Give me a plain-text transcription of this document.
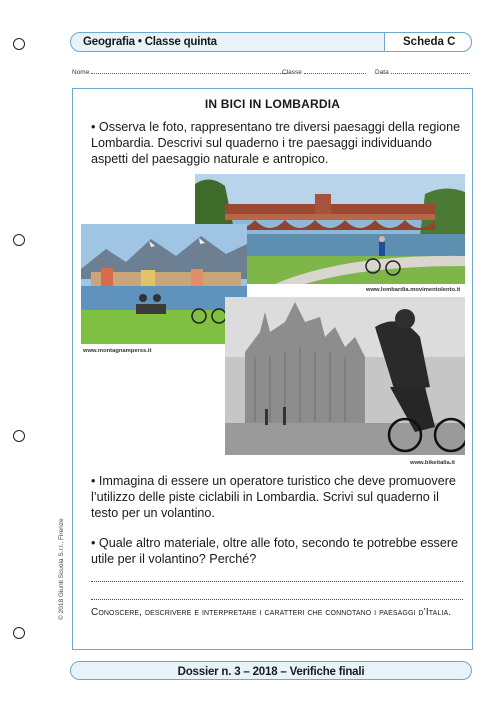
Geografia • Classe quinta	Scheda C
Nome	Classe	Data
IN BICI IN LOMBARDIA
• Osserva le foto, rappresentano tre diversi paesaggi della regione Lombardia. Descrivi sul quaderno i tre paesaggi individuando aspetti del paesaggio naturale e antropico.
www.lombardia.movimentolento.it
www.montagnamperss.it
www.bikeitalia.it
• Immagina di essere un operatore turistico che deve promuovere l’utilizzo delle piste ciclabili in Lombardia. Scrivi sul quaderno il testo per un volantino.
• Quale altro materiale, oltre alle foto, secondo te potrebbe essere utile per il volantino? Perché?
Conoscere, descrivere e interpretare i caratteri che connotano i paesaggi d’Italia.
© 2018 Giunti Scuola S.r.l., Firenze
Dossier n. 3 – 2018 – Verifiche finali
